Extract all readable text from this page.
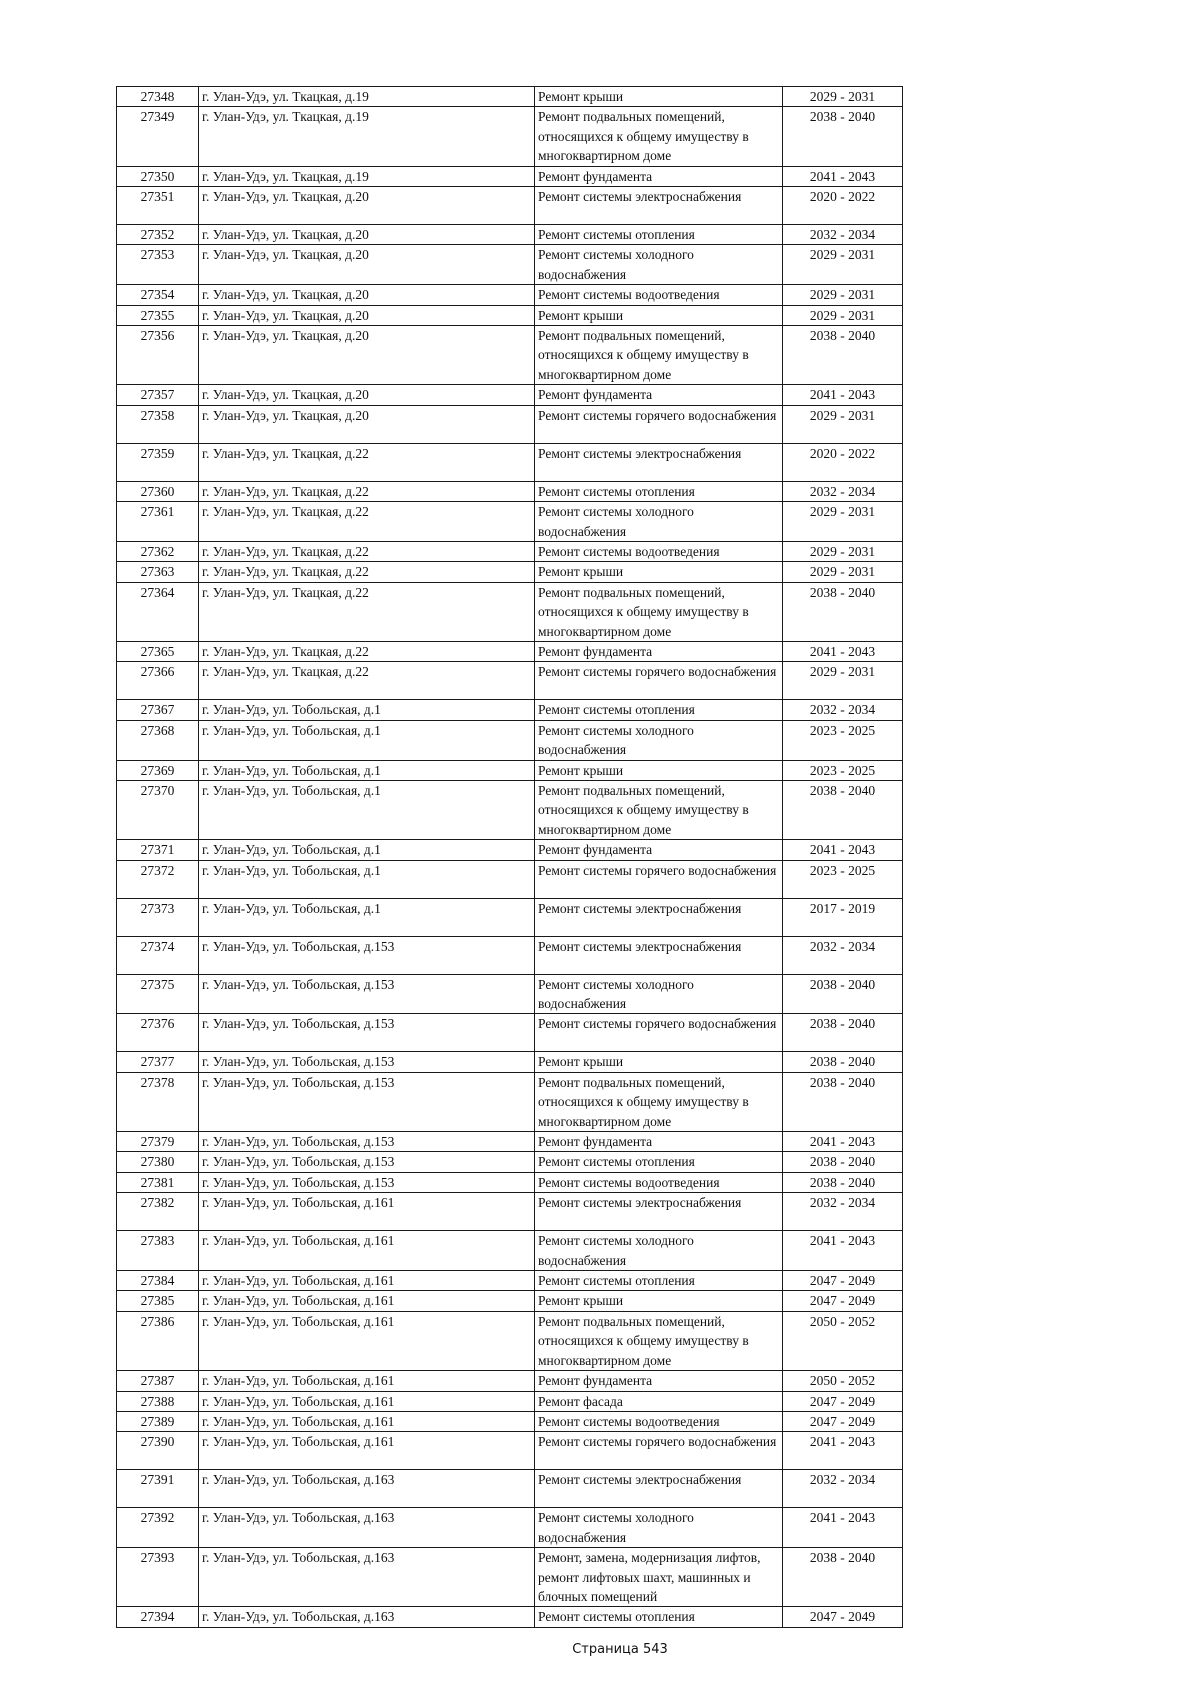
27348	г. Улан-Удэ, ул. Ткацкая, д.19	Ремонт крыши	2029 - 2031
27349	г. Улан-Удэ, ул. Ткацкая, д.19	Ремонт подвальных помещений, относящихся к общему имуществу в многоквартирном доме	2038 - 2040
27350	г. Улан-Удэ, ул. Ткацкая, д.19	Ремонт фундамента	2041 - 2043
27351	г. Улан-Удэ, ул. Ткацкая, д.20	Ремонт системы электроснабжения	2020 - 2022
27352	г. Улан-Удэ, ул. Ткацкая, д.20	Ремонт системы отопления	2032 - 2034
27353	г. Улан-Удэ, ул. Ткацкая, д.20	Ремонт системы холодного водоснабжения	2029 - 2031
27354	г. Улан-Удэ, ул. Ткацкая, д.20	Ремонт системы водоотведения	2029 - 2031
27355	г. Улан-Удэ, ул. Ткацкая, д.20	Ремонт крыши	2029 - 2031
27356	г. Улан-Удэ, ул. Ткацкая, д.20	Ремонт подвальных помещений, относящихся к общему имуществу в многоквартирном доме	2038 - 2040
27357	г. Улан-Удэ, ул. Ткацкая, д.20	Ремонт фундамента	2041 - 2043
27358	г. Улан-Удэ, ул. Ткацкая, д.20	Ремонт системы горячего водоснабжения	2029 - 2031
27359	г. Улан-Удэ, ул. Ткацкая, д.22	Ремонт системы электроснабжения	2020 - 2022
27360	г. Улан-Удэ, ул. Ткацкая, д.22	Ремонт системы отопления	2032 - 2034
27361	г. Улан-Удэ, ул. Ткацкая, д.22	Ремонт системы холодного водоснабжения	2029 - 2031
27362	г. Улан-Удэ, ул. Ткацкая, д.22	Ремонт системы водоотведения	2029 - 2031
27363	г. Улан-Удэ, ул. Ткацкая, д.22	Ремонт крыши	2029 - 2031
27364	г. Улан-Удэ, ул. Ткацкая, д.22	Ремонт подвальных помещений, относящихся к общему имуществу в многоквартирном доме	2038 - 2040
27365	г. Улан-Удэ, ул. Ткацкая, д.22	Ремонт фундамента	2041 - 2043
27366	г. Улан-Удэ, ул. Ткацкая, д.22	Ремонт системы горячего водоснабжения	2029 - 2031
27367	г. Улан-Удэ, ул. Тобольская, д.1	Ремонт системы отопления	2032 - 2034
27368	г. Улан-Удэ, ул. Тобольская, д.1	Ремонт системы холодного водоснабжения	2023 - 2025
27369	г. Улан-Удэ, ул. Тобольская, д.1	Ремонт крыши	2023 - 2025
27370	г. Улан-Удэ, ул. Тобольская, д.1	Ремонт подвальных помещений, относящихся к общему имуществу в многоквартирном доме	2038 - 2040
27371	г. Улан-Удэ, ул. Тобольская, д.1	Ремонт фундамента	2041 - 2043
27372	г. Улан-Удэ, ул. Тобольская, д.1	Ремонт системы горячего водоснабжения	2023 - 2025
27373	г. Улан-Удэ, ул. Тобольская, д.1	Ремонт системы электроснабжения	2017 - 2019
27374	г. Улан-Удэ, ул. Тобольская, д.153	Ремонт системы электроснабжения	2032 - 2034
27375	г. Улан-Удэ, ул. Тобольская, д.153	Ремонт системы холодного водоснабжения	2038 - 2040
27376	г. Улан-Удэ, ул. Тобольская, д.153	Ремонт системы горячего водоснабжения	2038 - 2040
27377	г. Улан-Удэ, ул. Тобольская, д.153	Ремонт крыши	2038 - 2040
27378	г. Улан-Удэ, ул. Тобольская, д.153	Ремонт подвальных помещений, относящихся к общему имуществу в многоквартирном доме	2038 - 2040
27379	г. Улан-Удэ, ул. Тобольская, д.153	Ремонт фундамента	2041 - 2043
27380	г. Улан-Удэ, ул. Тобольская, д.153	Ремонт системы отопления	2038 - 2040
27381	г. Улан-Удэ, ул. Тобольская, д.153	Ремонт системы водоотведения	2038 - 2040
27382	г. Улан-Удэ, ул. Тобольская, д.161	Ремонт системы электроснабжения	2032 - 2034
27383	г. Улан-Удэ, ул. Тобольская, д.161	Ремонт системы холодного водоснабжения	2041 - 2043
27384	г. Улан-Удэ, ул. Тобольская, д.161	Ремонт системы отопления	2047 - 2049
27385	г. Улан-Удэ, ул. Тобольская, д.161	Ремонт крыши	2047 - 2049
27386	г. Улан-Удэ, ул. Тобольская, д.161	Ремонт подвальных помещений, относящихся к общему имуществу в многоквартирном доме	2050 - 2052
27387	г. Улан-Удэ, ул. Тобольская, д.161	Ремонт фундамента	2050 - 2052
27388	г. Улан-Удэ, ул. Тобольская, д.161	Ремонт фасада	2047 - 2049
27389	г. Улан-Удэ, ул. Тобольская, д.161	Ремонт системы водоотведения	2047 - 2049
27390	г. Улан-Удэ, ул. Тобольская, д.161	Ремонт системы горячего водоснабжения	2041 - 2043
27391	г. Улан-Удэ, ул. Тобольская, д.163	Ремонт системы электроснабжения	2032 - 2034
27392	г. Улан-Удэ, ул. Тобольская, д.163	Ремонт системы холодного водоснабжения	2041 - 2043
27393	г. Улан-Удэ, ул. Тобольская, д.163	Ремонт, замена, модернизация лифтов, ремонт лифтовых шахт, машинных и блочных помещений	2038 - 2040
27394	г. Улан-Удэ, ул. Тобольская, д.163	Ремонт системы отопления	2047 - 2049
Страница 543
